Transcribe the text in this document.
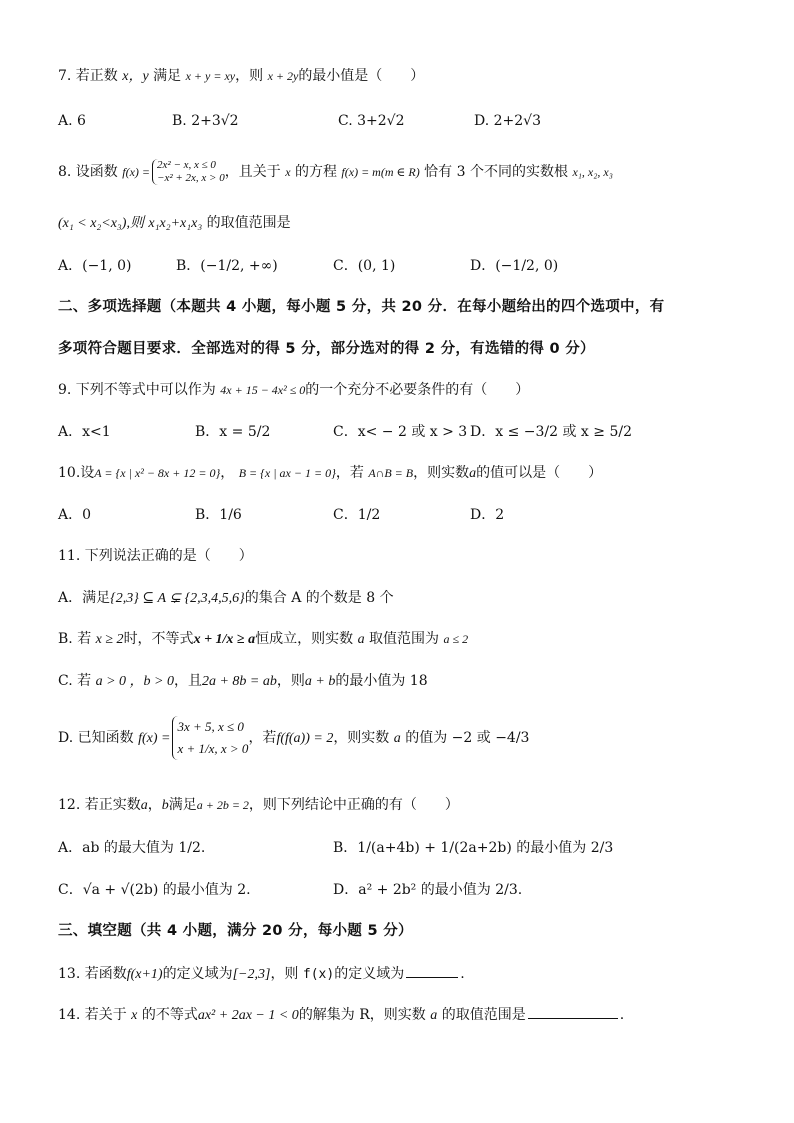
7. 若正数 x，y 满足 x + y = xy，则 x + 2y的最小值是（　　）
A. 6	B. 2+3√2	C. 3+2√2	D. 2+2√3
8. 设函数 f(x) = 2x² − x, x ≤ 0
−x² + 2x, x > 0 ，且关于 x 的方程 f(x) = m(m ∈ R) 恰有 3 个不同的实数根 x₁, x₂, x₃
(x₁ < x₂<x₃),则 x₁x₂+x₁x₃ 的取值范围是
A．(−1, 0)	B．(−1/2, +∞)	C．(0, 1)	D．(−1/2, 0)
二、多项选择题（本题共 4 小题，每小题 5 分，共 20 分．在每小题给出的四个选项中，有
多项符合题目要求．全部选对的得 5 分，部分选对的得 2 分，有选错的得 0 分）
9. 下列不等式中可以作为 4x + 15 − 4x² ≤ 0的一个充分不必要条件的有（　　）
A．x<1	B．x = 5/2	C．x< − 2 或 x > 3 D．x ≤ −3/2 或 x ≥ 5/2
10.设A = {x | x² − 8x + 12 = 0}， B = {x | ax − 1 = 0}，若 A∩B = B，则实数a的值可以是（　　）
A．0	B．1/6	C．1/2	D．2
11. 下列说法正确的是（　　）
A．满足{2,3} ⊆ A ⊊ {2,3,4,5,6}的集合 A 的个数是 8 个
B. 若 x ≥ 2时，不等式x + 1/x ≥ a恒成立，则实数 a 取值范围为 a ≤ 2
C. 若 a > 0 ，b > 0，且2a + 8b = ab，则a + b的最小值为 18
D. 已知函数 f(x) =
3x + 5, x ≤ 0
x + 1/x, x > 0
，若f(f(a)) = 2，则实数 a 的值为 −2 或 −4/3
12. 若正实数a，b满足a + 2b = 2，则下列结论中正确的有（　　）
A．ab 的最大值为 1/2.	B．1/(a+4b) + 1/(2a+2b) 的最小值为 2/3
C．√a + √(2b) 的最小值为 2.	D．a² + 2b² 的最小值为 2/3.
三、填空题（共 4 小题，满分 20 分，每小题 5 分）
13. 若函数f(x+1)的定义域为[−2,3]，则 f(x)的定义域为	.
14. 若关于 x 的不等式ax² + 2ax − 1 < 0的解集为 R，则实数 a 的取值范围是	.
